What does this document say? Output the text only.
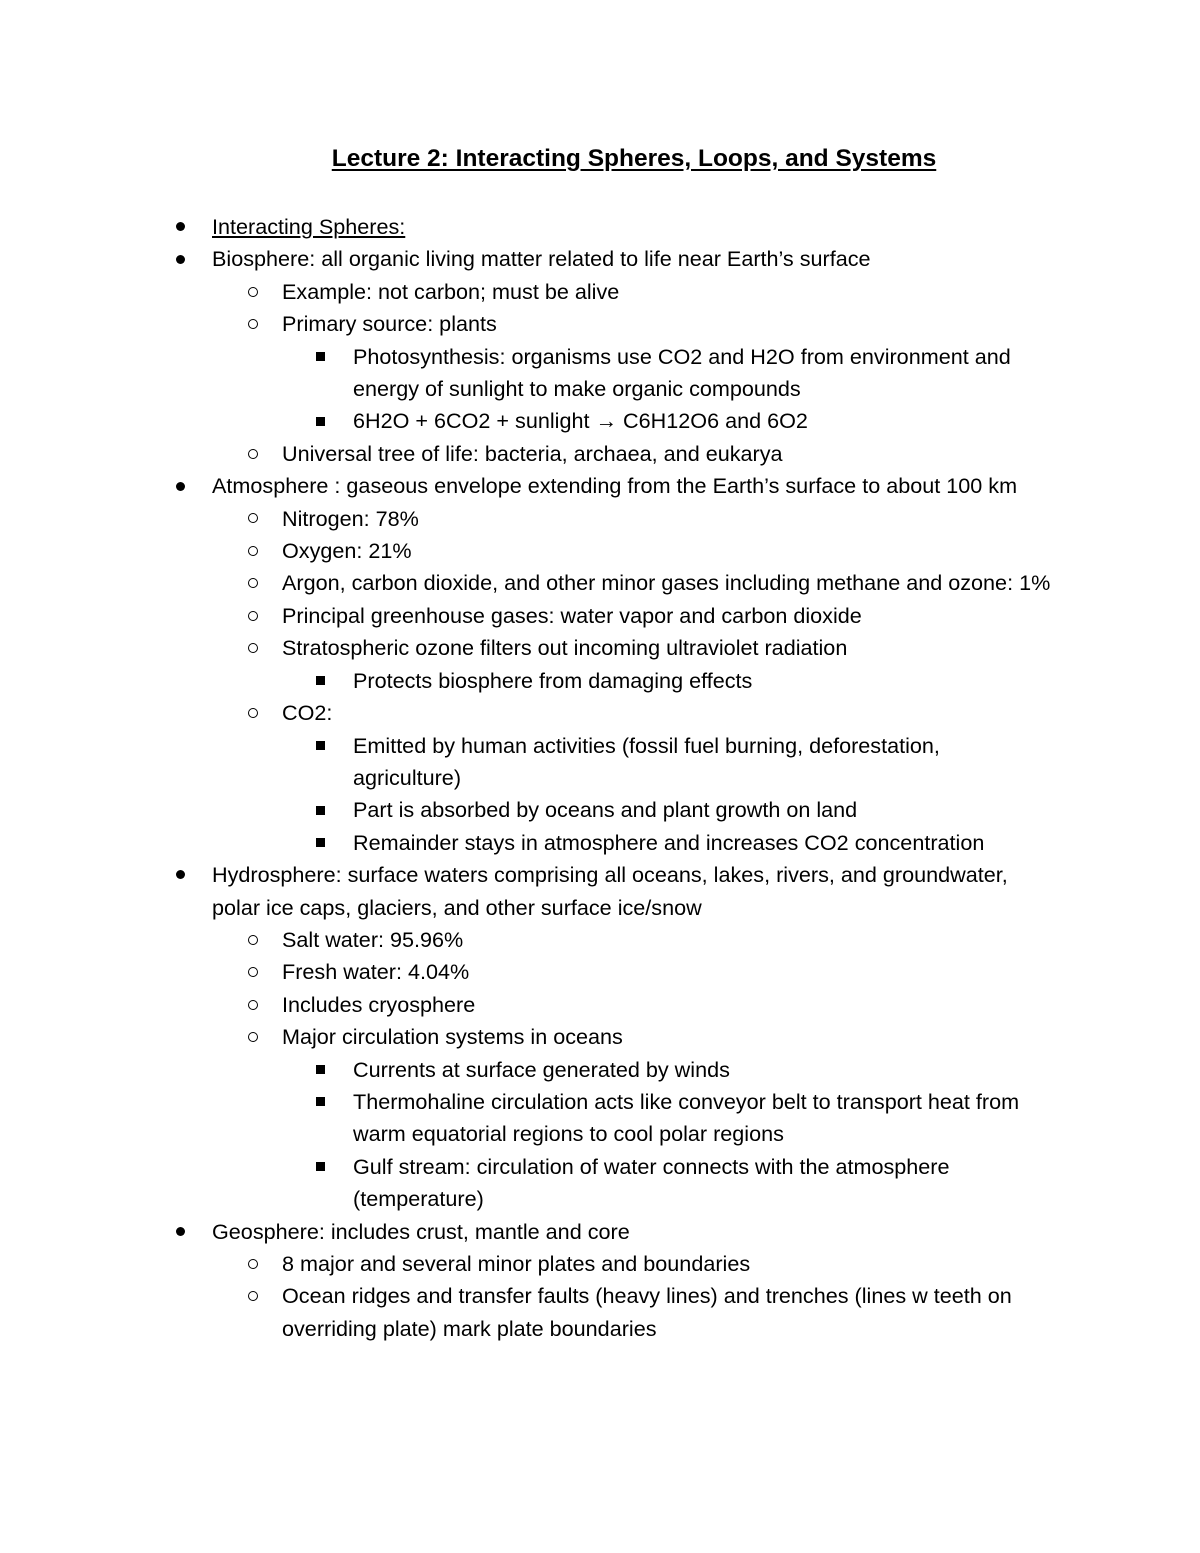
Lecture 2: Interacting Spheres, Loops, and Systems
Interacting Spheres:
Biosphere: all organic living matter related to life near Earth’s surface
Example: not carbon; must be alive
Primary source: plants
Photosynthesis: organisms use CO2 and H2O from environment and energy of sunlight to make organic compounds
6H2O + 6CO2 + sunlight → C6H12O6 and 6O2
Universal tree of life: bacteria, archaea, and eukarya
Atmosphere : gaseous envelope extending from the Earth’s surface to about 100 km
Nitrogen: 78%
Oxygen: 21%
Argon, carbon dioxide, and other minor gases including methane and ozone: 1%
Principal greenhouse gases: water vapor and carbon dioxide
Stratospheric ozone filters out incoming ultraviolet radiation
Protects biosphere from damaging effects
CO2:
Emitted by human activities (fossil fuel burning, deforestation, agriculture)
Part is absorbed by oceans and plant growth on land
Remainder stays in atmosphere and increases CO2 concentration
Hydrosphere: surface waters comprising all oceans, lakes, rivers, and groundwater, polar ice caps, glaciers, and other surface ice/snow
Salt water: 95.96%
Fresh water: 4.04%
Includes cryosphere
Major circulation systems in oceans
Currents at surface generated by winds
Thermohaline circulation acts like conveyor belt to transport heat from warm equatorial regions to cool polar regions
Gulf stream: circulation of water connects with the atmosphere (temperature)
Geosphere: includes crust, mantle and core
8 major and several minor plates and boundaries
Ocean ridges and transfer faults (heavy lines) and trenches (lines w teeth on overriding plate) mark plate boundaries
